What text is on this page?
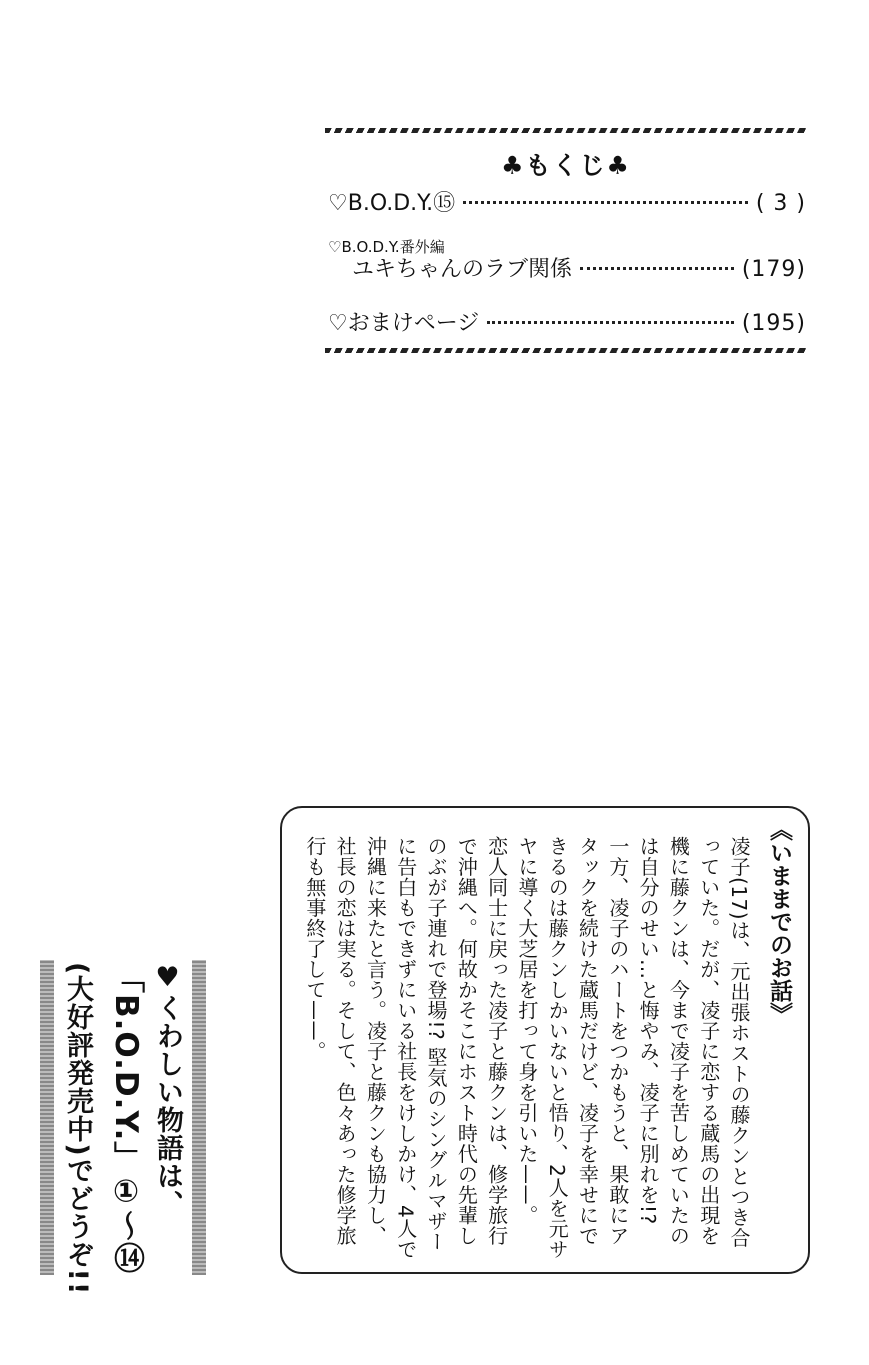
♣もくじ♣
♡ B.O.D.Y.⑮	( 3 )
♡B.O.D.Y.番外編
ユキちゃんのラブ関係	(179)
♡ おまけページ	(195)
《いままでのお話》

凌子(17)は、元出張ホストの藤クンとつき合っていた。だが、凌子に恋する蔵馬の出現を機に藤クンは、今まで凌子を苦しめていたのは自分のせい…と悔やみ、凌子に別れを!?

一方、凌子のハートをつかもうと、果敢にアタックを続けた蔵馬だけど、凌子を幸せにできるのは藤クンしかいないと悟り、2人を元サヤに導く大芝居を打って身を引いた——。

恋人同士に戻った凌子と藤クンは、修学旅行で沖縄へ。何故かそこにホスト時代の先輩しのぶが子連れで登場!? 堅気のシングルマザーに告白もできずにいる社長をけしかけ、4人で沖縄に来たと言う。凌子と藤クンも協力し、社長の恋は実る。そして、色々あった修学旅行も無事終了して——。

♥くわしい物語は、
「B.O.D.Y.」①～⑭
(大好評発売中)でどうぞ!!
